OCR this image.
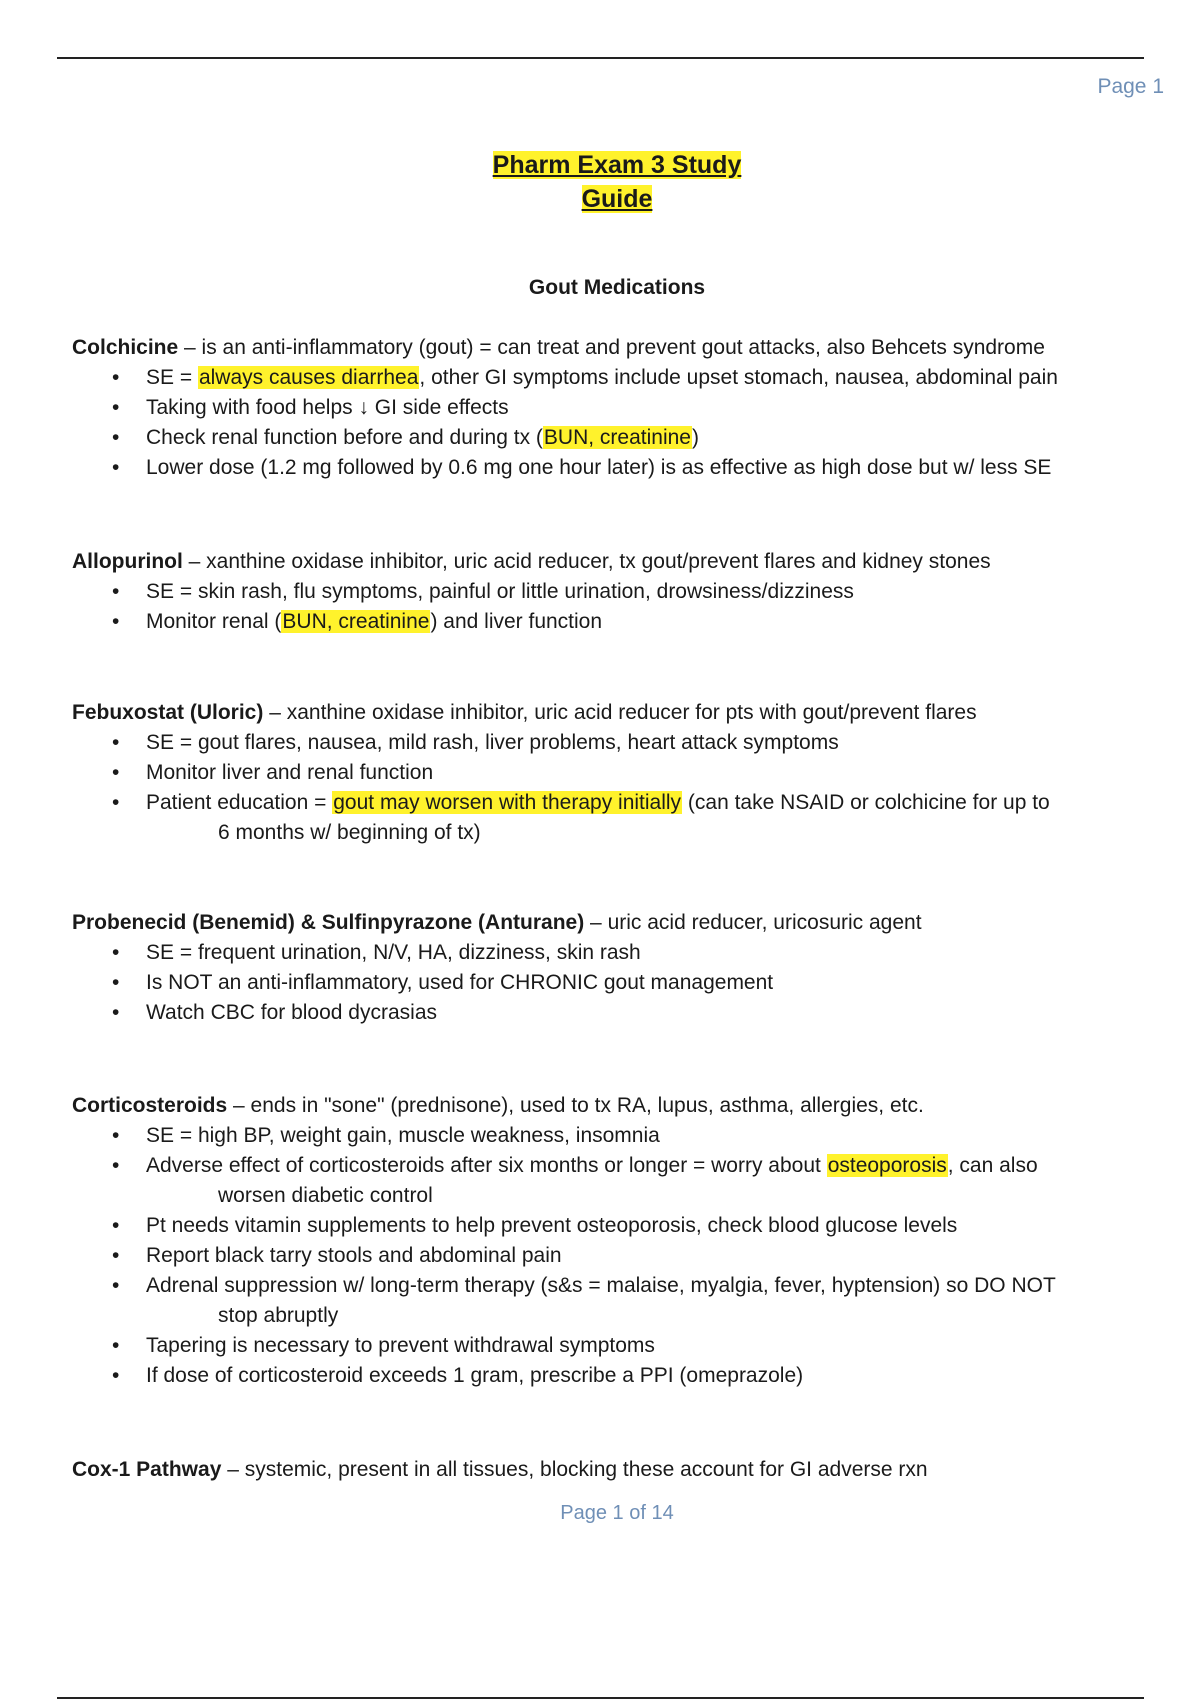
Page 1
Pharm Exam 3 Study
Guide
Gout Medications
Colchicine – is an anti-inflammatory (gout) = can treat and prevent gout attacks, also Behcets syndrome
• SE = always causes diarrhea, other GI symptoms include upset stomach, nausea, abdominal pain
• Taking with food helps ↓ GI side effects
• Check renal function before and during tx (BUN, creatinine)
• Lower dose (1.2 mg followed by 0.6 mg one hour later) is as effective as high dose but w/ less SE
Allopurinol – xanthine oxidase inhibitor, uric acid reducer, tx gout/prevent flares and kidney stones
• SE = skin rash, flu symptoms, painful or little urination, drowsiness/dizziness
• Monitor renal (BUN, creatinine) and liver function
Febuxostat (Uloric) – xanthine oxidase inhibitor, uric acid reducer for pts with gout/prevent flares
• SE = gout flares, nausea, mild rash, liver problems, heart attack symptoms
• Monitor liver and renal function
• Patient education = gout may worsen with therapy initially (can take NSAID or colchicine for up to
6 months w/ beginning of tx)
Probenecid (Benemid) & Sulfinpyrazone (Anturane) – uric acid reducer, uricosuric agent
• SE = frequent urination, N/V, HA, dizziness, skin rash
• Is NOT an anti-inflammatory, used for CHRONIC gout management
• Watch CBC for blood dycrasias
Corticosteroids – ends in "sone" (prednisone), used to tx RA, lupus, asthma, allergies, etc.
• SE = high BP, weight gain, muscle weakness, insomnia
• Adverse effect of corticosteroids after six months or longer = worry about osteoporosis, can also
worsen diabetic control
• Pt needs vitamin supplements to help prevent osteoporosis, check blood glucose levels
• Report black tarry stools and abdominal pain
• Adrenal suppression w/ long-term therapy (s&s = malaise, myalgia, fever, hyptension) so DO NOT
stop abruptly
• Tapering is necessary to prevent withdrawal symptoms
• If dose of corticosteroid exceeds 1 gram, prescribe a PPI (omeprazole)
Cox-1 Pathway – systemic, present in all tissues, blocking these account for GI adverse rxn
Page 1 of 14
